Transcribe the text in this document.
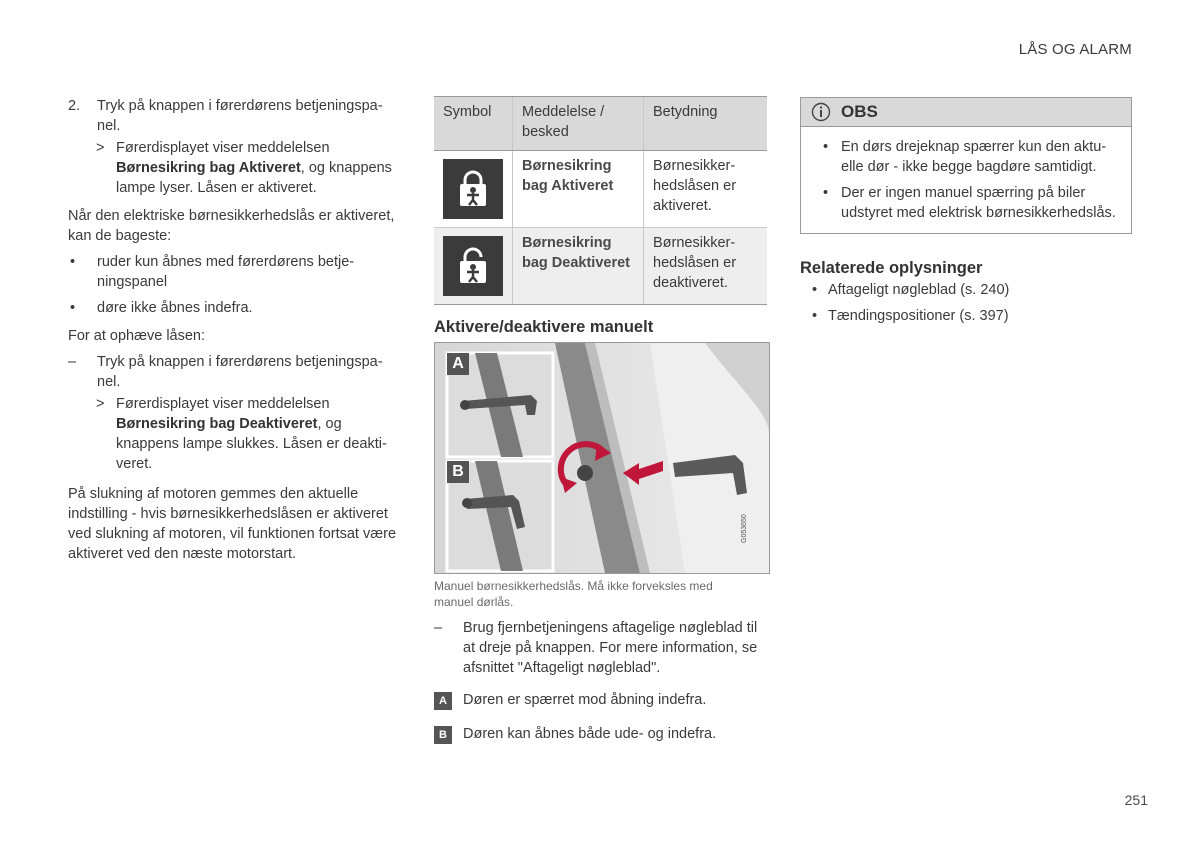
LÅS OG ALARM
2. Tryk på knappen i førerdørens betjeningspanel.
> Førerdisplayet viser meddelelsen Børnesikring bag Aktiveret, og knappens lampe lyser. Låsen er aktiveret.
Når den elektriske børnesikkerhedslås er aktiveret, kan de bageste:
• ruder kun åbnes med førerdørens betjeningspanel
• døre ikke åbnes indefra.
For at ophæve låsen:
– Tryk på knappen i førerdørens betjeningspanel.
> Førerdisplayet viser meddelelsen Børnesikring bag Deaktiveret, og knappens lampe slukkes. Låsen er deaktiveret.
På slukning af motoren gemmes den aktuelle indstilling - hvis børnesikkerhedslåsen er aktiveret ved slukning af motoren, vil funktionen fortsat være aktiveret ved den næste motorstart.
Symbol	Meddelelse / besked	Betydning

	Børnesikring bag Aktiveret	Børnesikkerhedslåsen er aktiveret.

	Børnesikring bag Deaktiveret	Børnesikkerhedslåsen er deaktiveret.
Aktivere/deaktivere manuelt
A
B
G053650
Manuel børnesikkerhedslås. Må ikke forveksles med manuel dørlås.
– Brug fjernbetjeningens aftagelige nøgleblad til at dreje på knappen. For mere information, se afsnittet "Aftageligt nøgleblad".
A	Døren er spærret mod åbning indefra.
B	Døren kan åbnes både ude- og indefra.
OBS
• En dørs drejeknap spærrer kun den aktuelle dør - ikke begge bagdøre samtidigt.
• Der er ingen manuel spærring på biler udstyret med elektrisk børnesikkerhedslås.
Relaterede oplysninger
• Aftageligt nøgleblad (s. 240)
• Tændingspositioner (s. 397)
251
